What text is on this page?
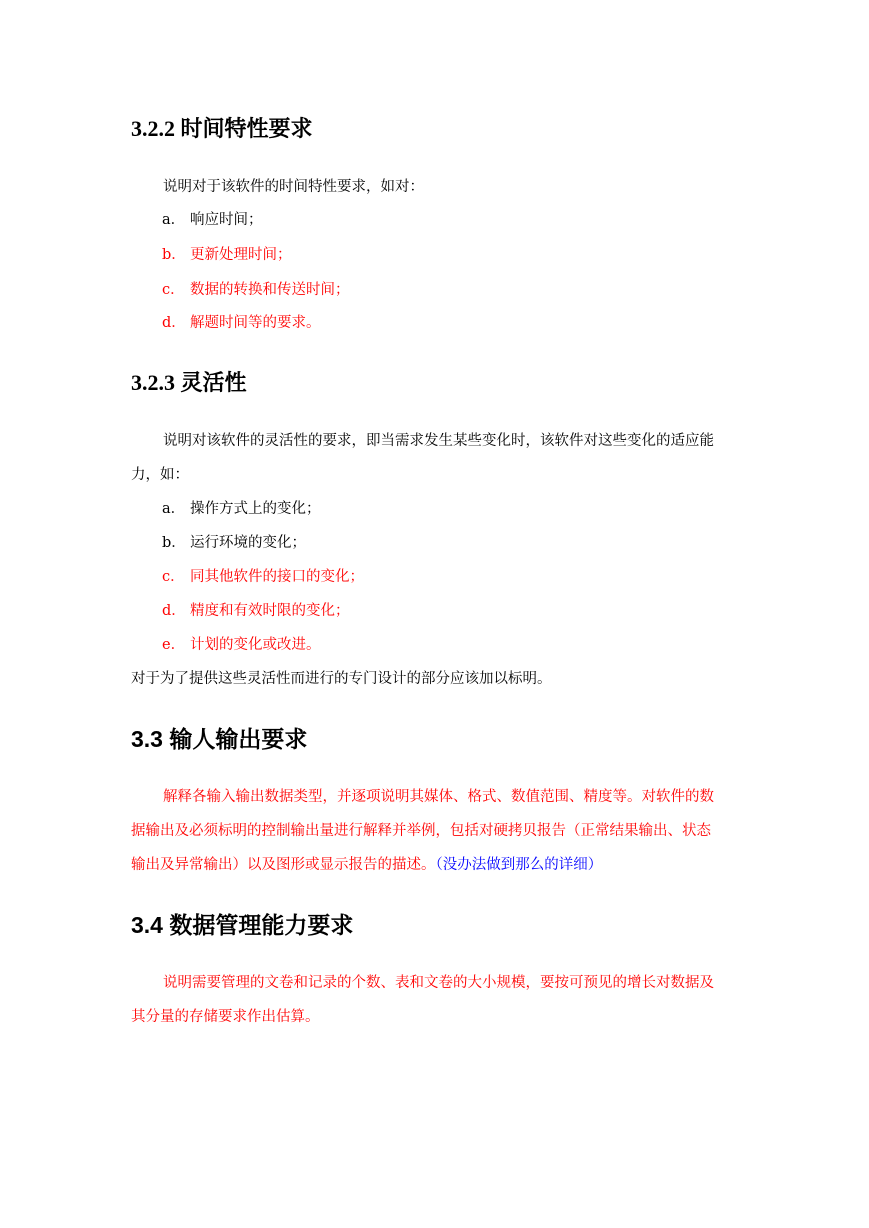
3.2.2 时间特性要求
说明对于该软件的时间特性要求，如对：
a． 响应时间；
b． 更新处理时间；
c． 数据的转换和传送时间；
d． 解题时间等的要求。
3.2.3 灵活性
说明对该软件的灵活性的要求，即当需求发生某些变化时，该软件对这些变化的适应能
力，如：
a． 操作方式上的变化；
b． 运行环境的变化；
c． 同其他软件的接口的变化；
d． 精度和有效时限的变化；
e． 计划的变化或改进。
对于为了提供这些灵活性而进行的专门设计的部分应该加以标明。
3.3 输人输出要求
解释各输入输出数据类型，并逐项说明其媒体、格式、数值范围、精度等。对软件的数
据输出及必须标明的控制输出量进行解释并举例，包括对硬拷贝报告（正常结果输出、状态
输出及异常输出）以及图形或显示报告的描述。（没办法做到那么的详细）
3.4 数据管理能力要求
说明需要管理的文卷和记录的个数、表和文卷的大小规模，要按可预见的增长对数据及
其分量的存储要求作出估算。
